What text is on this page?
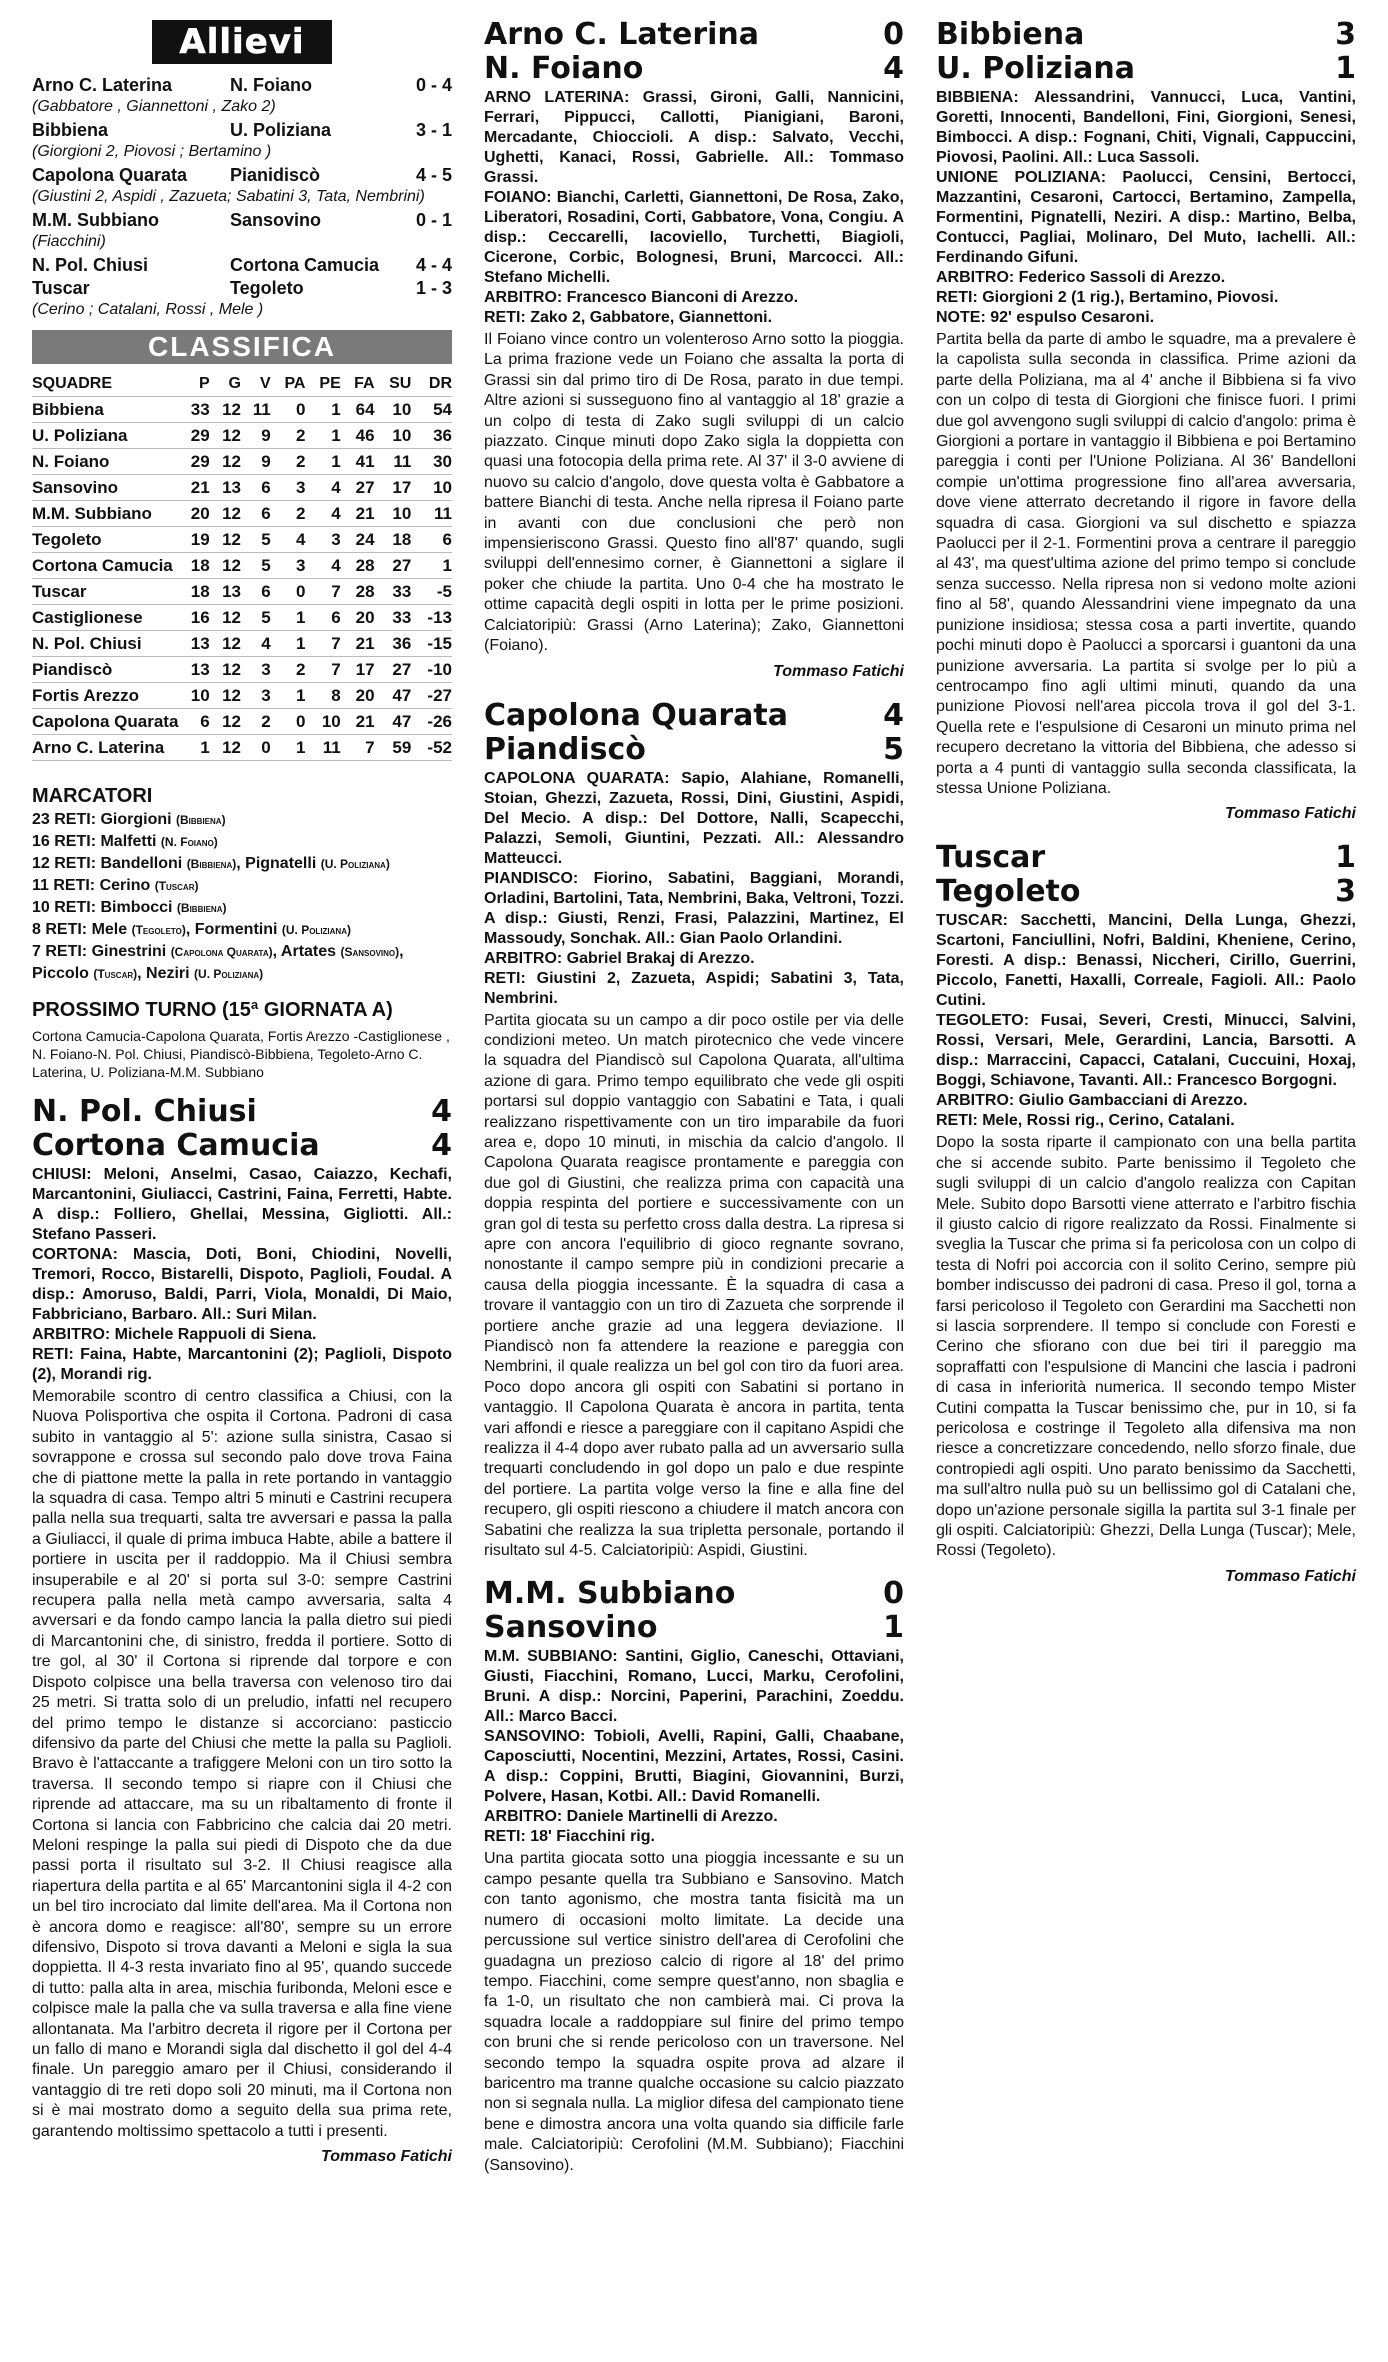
Allievi
Arno C. Laterina	N. Foiano	0 - 4
(Gabbatore , Giannettoni , Zako 2)
Bibbiena	U. Poliziana	3 - 1
(Giorgioni 2, Piovosi ; Bertamino )
Capolona Quarata	Pianidiscò	4 - 5
(Giustini 2, Aspidi , Zazueta; Sabatini 3, Tata, Nembrini)
M.M. Subbiano	Sansovino	0 - 1
(Fiacchini)
N. Pol. Chiusi	Cortona Camucia	4 - 4
Tuscar	Tegoleto	1 - 3
(Cerino ; Catalani, Rossi , Mele )
CLASSIFICA
SQUADRE	P	G	V	PA	PE	FA	SU	DR
Bibbiena	33	12	11	0	1	64	10	54
U. Poliziana	29	12	9	2	1	46	10	36
N. Foiano	29	12	9	2	1	41	11	30
Sansovino	21	13	6	3	4	27	17	10
M.M. Subbiano	20	12	6	2	4	21	10	11
Tegoleto	19	12	5	4	3	24	18	6
Cortona Camucia	18	12	5	3	4	28	27	1
Tuscar	18	13	6	0	7	28	33	-5
Castiglionese	16	12	5	1	6	20	33	-13
N. Pol. Chiusi	13	12	4	1	7	21	36	-15
Piandiscò	13	12	3	2	7	17	27	-10
Fortis Arezzo	10	12	3	1	8	20	47	-27
Capolona Quarata	6	12	2	0	10	21	47	-26
Arno C. Laterina	1	12	0	1	11	7	59	-52
MARCATORI
23 RETI: Giorgioni (Bibbiena)
16 RETI: Malfetti (N. Foiano)
12 RETI: Bandelloni (Bibbiena), Pignatelli (U. Poliziana)
11 RETI: Cerino (Tuscar)
10 RETI: Bimbocci (Bibbiena)
8 RETI: Mele (Tegoleto), Formentini (U. Poliziana)
7 RETI: Ginestrini (Capolona Quarata), Artates (Sansovino), Piccolo (Tuscar), Neziri (U. Poliziana)
PROSSIMO TURNO (15ª GIORNATA A)
Cortona Camucia-Capolona Quarata, Fortis Arezzo -Castiglionese , N. Foiano-N. Pol. Chiusi, Piandiscò-Bibbiena, Tegoleto-Arno C. Laterina, U. Poliziana-M.M. Subbiano
N. Pol. Chiusi	4
Cortona Camucia	4
CHIUSI: Meloni, Anselmi, Casao, Caiazzo, Kechafi, Marcantonini, Giuliacci, Castrini, Faina, Ferretti, Habte. A disp.: Folliero, Ghellai, Messina, Gigliotti. All.: Stefano Passeri.
CORTONA: Mascia, Doti, Boni, Chiodini, Novelli, Tremori, Rocco, Bistarelli, Dispoto, Paglioli, Foudal. A disp.: Amoruso, Baldi, Parri, Viola, Monaldi, Di Maio, Fabbriciano, Barbaro. All.: Suri Milan.
ARBITRO: Michele Rappuoli di Siena.
RETI: Faina, Habte, Marcantonini (2); Paglioli, Dispoto (2), Morandi rig.
Memorabile scontro di centro classifica a Chiusi, con la Nuova Polisportiva che ospita il Cortona. Padroni di casa subito in vantaggio al 5': azione sulla sinistra, Casao si sovrappone e crossa sul secondo palo dove trova Faina che di piattone mette la palla in rete portando in vantaggio la squadra di casa. Tempo altri 5 minuti e Castrini recupera palla nella sua trequarti, salta tre avversari e passa la palla a Giuliacci, il quale di prima imbuca Habte, abile a battere il portiere in uscita per il raddoppio. Ma il Chiusi sembra insuperabile e al 20' si porta sul 3-0: sempre Castrini recupera palla nella metà campo avversaria, salta 4 avversari e da fondo campo lancia la palla dietro sui piedi di Marcantonini che, di sinistro, fredda il portiere. Sotto di tre gol, al 30' il Cortona si riprende dal torpore e con Dispoto colpisce una bella traversa con velenoso tiro dai 25 metri. Si tratta solo di un preludio, infatti nel recupero del primo tempo le distanze si accorciano: pasticcio difensivo da parte del Chiusi che mette la palla su Paglioli. Bravo è l'attaccante a trafiggere Meloni con un tiro sotto la traversa. Il secondo tempo si riapre con il Chiusi che riprende ad attaccare, ma su un ribaltamento di fronte il Cortona si lancia con Fabbricino che calcia dai 20 metri. Meloni respinge la palla sui piedi di Dispoto che da due passi porta il risultato sul 3-2. Il Chiusi reagisce alla riapertura della partita e al 65' Marcantonini sigla il 4-2 con un bel tiro incrociato dal limite dell'area. Ma il Cortona non è ancora domo e reagisce: all'80', sempre su un errore difensivo, Dispoto si trova davanti a Meloni e sigla la sua doppietta. Il 4-3 resta invariato fino al 95', quando succede di tutto: palla alta in area, mischia furibonda, Meloni esce e colpisce male la palla che va sulla traversa e alla fine viene allontanata. Ma l'arbitro decreta il rigore per il Cortona per un fallo di mano e Morandi sigla dal dischetto il gol del 4-4 finale. Un pareggio amaro per il Chiusi, considerando il vantaggio di tre reti dopo soli 20 minuti, ma il Cortona non si è mai mostrato domo a seguito della sua prima rete, garantendo moltissimo spettacolo a tutti i presenti.
Tommaso Fatichi
Arno C. Laterina	0
N. Foiano	4
ARNO LATERINA: Grassi, Gironi, Galli, Nannicini, Ferrari, Pippucci, Callotti, Pianigiani, Baroni, Mercadante, Chioccioli. A disp.: Salvato, Vecchi, Ughetti, Kanaci, Rossi, Gabrielle. All.: Tommaso Grassi.
FOIANO: Bianchi, Carletti, Giannettoni, De Rosa, Zako, Liberatori, Rosadini, Corti, Gabbatore, Vona, Congiu. A disp.: Ceccarelli, Iacoviello, Turchetti, Biagioli, Cicerone, Corbic, Bolognesi, Bruni, Marcocci. All.: Stefano Michelli.
ARBITRO: Francesco Bianconi di Arezzo.
RETI: Zako 2, Gabbatore, Giannettoni.
Il Foiano vince contro un volenteroso Arno sotto la pioggia. La prima frazione vede un Foiano che assalta la porta di Grassi sin dal primo tiro di De Rosa, parato in due tempi. Altre azioni si susseguono fino al vantaggio al 18' grazie a un colpo di testa di Zako sugli sviluppi di un calcio piazzato. Cinque minuti dopo Zako sigla la doppietta con quasi una fotocopia della prima rete. Al 37' il 3-0 avviene di nuovo su calcio d'angolo, dove questa volta è Gabbatore a battere Bianchi di testa. Anche nella ripresa il Foiano parte in avanti con due conclusioni che però non impensieriscono Grassi. Questo fino all'87' quando, sugli sviluppi dell'ennesimo corner, è Giannettoni a siglare il poker che chiude la partita. Uno 0-4 che ha mostrato le ottime capacità degli ospiti in lotta per le prime posizioni. Calciatoripiù: Grassi (Arno Laterina); Zako, Giannettoni (Foiano).
Tommaso Fatichi
Capolona Quarata	4
Piandiscò	5
CAPOLONA QUARATA: Sapio, Alahiane, Romanelli, Stoian, Ghezzi, Zazueta, Rossi, Dini, Giustini, Aspidi, Del Mecio. A disp.: Del Dottore, Nalli, Scapecchi, Palazzi, Semoli, Giuntini, Pezzati. All.: Alessandro Matteucci.
PIANDISCO: Fiorino, Sabatini, Baggiani, Morandi, Orladini, Bartolini, Tata, Nembrini, Baka, Veltroni, Tozzi. A disp.: Giusti, Renzi, Frasi, Palazzini, Martinez, El Massoudy, Sonchak. All.: Gian Paolo Orlandini.
ARBITRO: Gabriel Brakaj di Arezzo.
RETI: Giustini 2, Zazueta, Aspidi; Sabatini 3, Tata, Nembrini.
Partita giocata su un campo a dir poco ostile per via delle condizioni meteo. Un match pirotecnico che vede vincere la squadra del Piandiscò sul Capolona Quarata, all'ultima azione di gara. Primo tempo equilibrato che vede gli ospiti portarsi sul doppio vantaggio con Sabatini e Tata, i quali realizzano rispettivamente con un tiro imparabile da fuori area e, dopo 10 minuti, in mischia da calcio d'angolo. Il Capolona Quarata reagisce prontamente e pareggia con due gol di Giustini, che realizza prima con capacità una doppia respinta del portiere e successivamente con un gran gol di testa su perfetto cross dalla destra. La ripresa si apre con ancora l'equilibrio di gioco regnante sovrano, nonostante il campo sempre più in condizioni precarie a causa della pioggia incessante. È la squadra di casa a trovare il vantaggio con un tiro di Zazueta che sorprende il portiere anche grazie ad una leggera deviazione. Il Piandiscò non fa attendere la reazione e pareggia con Nembrini, il quale realizza un bel gol con tiro da fuori area. Poco dopo ancora gli ospiti con Sabatini si portano in vantaggio. Il Capolona Quarata è ancora in partita, tenta vari affondi e riesce a pareggiare con il capitano Aspidi che realizza il 4-4 dopo aver rubato palla ad un avversario sulla trequarti concludendo in gol dopo un palo e due respinte del portiere. La partita volge verso la fine e alla fine del recupero, gli ospiti riescono a chiudere il match ancora con Sabatini che realizza la sua tripletta personale, portando il risultato sul 4-5. Calciatoripiù: Aspidi, Giustini.
M.M. Subbiano	0
Sansovino	1
M.M. SUBBIANO: Santini, Giglio, Caneschi, Ottaviani, Giusti, Fiacchini, Romano, Lucci, Marku, Cerofolini, Bruni. A disp.: Norcini, Paperini, Parachini, Zoeddu. All.: Marco Bacci.
SANSOVINO: Tobioli, Avelli, Rapini, Galli, Chaabane, Caposciutti, Nocentini, Mezzini, Artates, Rossi, Casini. A disp.: Coppini, Brutti, Biagini, Giovannini, Burzi, Polvere, Hasan, Kotbi. All.: David Romanelli.
ARBITRO: Daniele Martinelli di Arezzo.
RETI: 18' Fiacchini rig.
Una partita giocata sotto una pioggia incessante e su un campo pesante quella tra Subbiano e Sansovino. Match con tanto agonismo, che mostra tanta fisicità ma un numero di occasioni molto limitate. La decide una percussione sul vertice sinistro dell'area di Cerofolini che guadagna un prezioso calcio di rigore al 18' del primo tempo. Fiacchini, come sempre quest'anno, non sbaglia e fa 1-0, un risultato che non cambierà mai. Ci prova la squadra locale a raddoppiare sul finire del primo tempo con bruni che si rende pericoloso con un traversone. Nel secondo tempo la squadra ospite prova ad alzare il baricentro ma tranne qualche occasione su calcio piazzato non si segnala nulla. La miglior difesa del campionato tiene bene e dimostra ancora una volta quando sia difficile farle male. Calciatoripiù: Cerofolini (M.M. Subbiano); Fiacchini (Sansovino).
Bibbiena	3
U. Poliziana	1
BIBBIENA: Alessandrini, Vannucci, Luca, Vantini, Goretti, Innocenti, Bandelloni, Fini, Giorgioni, Senesi, Bimbocci. A disp.: Fognani, Chiti, Vignali, Cappuccini, Piovosi, Paolini. All.: Luca Sassoli.
UNIONE POLIZIANA: Paolucci, Censini, Bertocci, Mazzantini, Cesaroni, Cartocci, Bertamino, Zampella, Formentini, Pignatelli, Neziri. A disp.: Martino, Belba, Contucci, Pagliai, Molinaro, Del Muto, Iachelli. All.: Ferdinando Gifuni.
ARBITRO: Federico Sassoli di Arezzo.
RETI: Giorgioni 2 (1 rig.), Bertamino, Piovosi.
NOTE: 92' espulso Cesaroni.
Partita bella da parte di ambo le squadre, ma a prevalere è la capolista sulla seconda in classifica. Prime azioni da parte della Poliziana, ma al 4' anche il Bibbiena si fa vivo con un colpo di testa di Giorgioni che finisce fuori. I primi due gol avvengono sugli sviluppi di calcio d'angolo: prima è Giorgioni a portare in vantaggio il Bibbiena e poi Bertamino pareggia i conti per l'Unione Poliziana. Al 36' Bandelloni compie un'ottima progressione fino all'area avversaria, dove viene atterrato decretando il rigore in favore della squadra di casa. Giorgioni va sul dischetto e spiazza Paolucci per il 2-1. Formentini prova a centrare il pareggio al 43', ma quest'ultima azione del primo tempo si conclude senza successo. Nella ripresa non si vedono molte azioni fino al 58', quando Alessandrini viene impegnato da una punizione insidiosa; stessa cosa a parti invertite, quando pochi minuti dopo è Paolucci a sporcarsi i guantoni da una punizione avversaria. La partita si svolge per lo più a centrocampo fino agli ultimi minuti, quando da una punizione Piovosi nell'area piccola trova il gol del 3-1. Quella rete e l'espulsione di Cesaroni un minuto prima nel recupero decretano la vittoria del Bibbiena, che adesso si porta a 4 punti di vantaggio sulla seconda classificata, la stessa Unione Poliziana.
Tommaso Fatichi
Tuscar	1
Tegoleto	3
TUSCAR: Sacchetti, Mancini, Della Lunga, Ghezzi, Scartoni, Fanciullini, Nofri, Baldini, Kheniene, Cerino, Foresti. A disp.: Benassi, Niccheri, Cirillo, Guerrini, Piccolo, Fanetti, Haxalli, Correale, Fagioli. All.: Paolo Cutini.
TEGOLETO: Fusai, Severi, Cresti, Minucci, Salvini, Rossi, Versari, Mele, Gerardini, Lancia, Barsotti. A disp.: Marraccini, Capacci, Catalani, Cuccuini, Hoxaj, Boggi, Schiavone, Tavanti. All.: Francesco Borgogni.
ARBITRO: Giulio Gambacciani di Arezzo.
RETI: Mele, Rossi rig., Cerino, Catalani.
Dopo la sosta riparte il campionato con una bella partita che si accende subito. Parte benissimo il Tegoleto che sugli sviluppi di un calcio d'angolo realizza con Capitan Mele. Subito dopo Barsotti viene atterrato e l'arbitro fischia il giusto calcio di rigore realizzato da Rossi. Finalmente si sveglia la Tuscar che prima si fa pericolosa con un colpo di testa di Nofri poi accorcia con il solito Cerino, sempre più bomber indiscusso dei padroni di casa. Preso il gol, torna a farsi pericoloso il Tegoleto con Gerardini ma Sacchetti non si lascia sorprendere. Il tempo si conclude con Foresti e Cerino che sfiorano con due bei tiri il pareggio ma sopraffatti con l'espulsione di Mancini che lascia i padroni di casa in inferiorità numerica. Il secondo tempo Mister Cutini compatta la Tuscar benissimo che, pur in 10, si fa pericolosa e costringe il Tegoleto alla difensiva ma non riesce a concretizzare concedendo, nello sforzo finale, due contropiedi agli ospiti. Uno parato benissimo da Sacchetti, ma sull'altro nulla può su un bellissimo gol di Catalani che, dopo un'azione personale sigilla la partita sul 3-1 finale per gli ospiti. Calciatoripiù: Ghezzi, Della Lunga (Tuscar); Mele, Rossi (Tegoleto).
Tommaso Fatichi
